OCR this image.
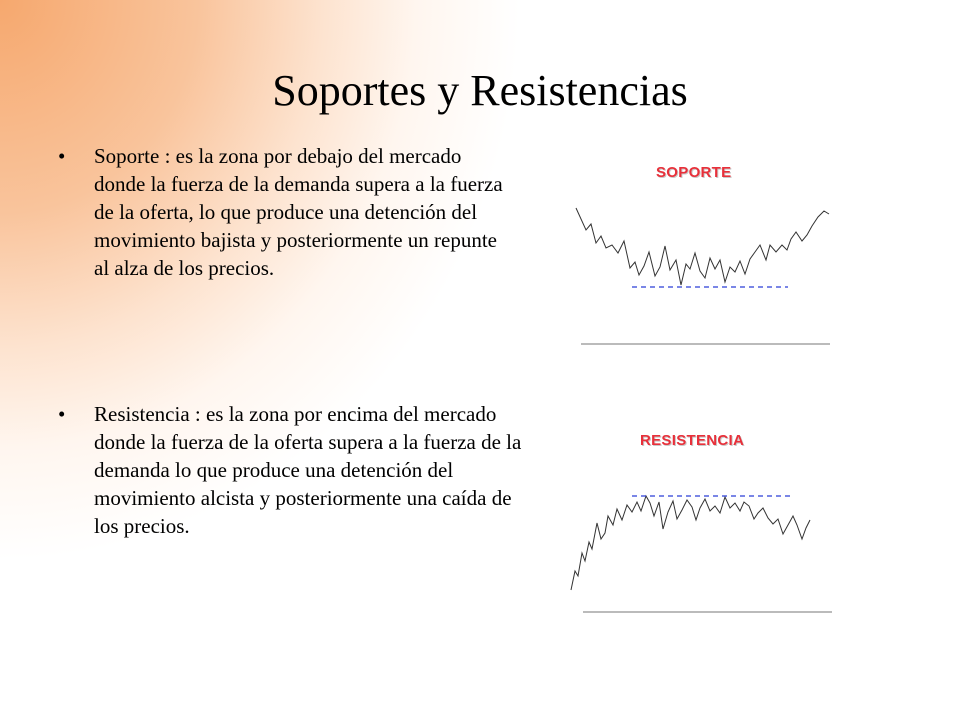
Soportes y Resistencias
• Soporte : es la zona por debajo del mercado donde la fuerza de la demanda supera a la fuerza de la oferta, lo que produce una detención del movimiento bajista y posteriormente un repunte al alza de los precios.
• Resistencia : es la zona por encima del mercado donde la fuerza de la oferta supera a la fuerza de la demanda lo que produce una detención del movimiento alcista y posteriormente una caída de los precios.
SOPORTE
RESISTENCIA
